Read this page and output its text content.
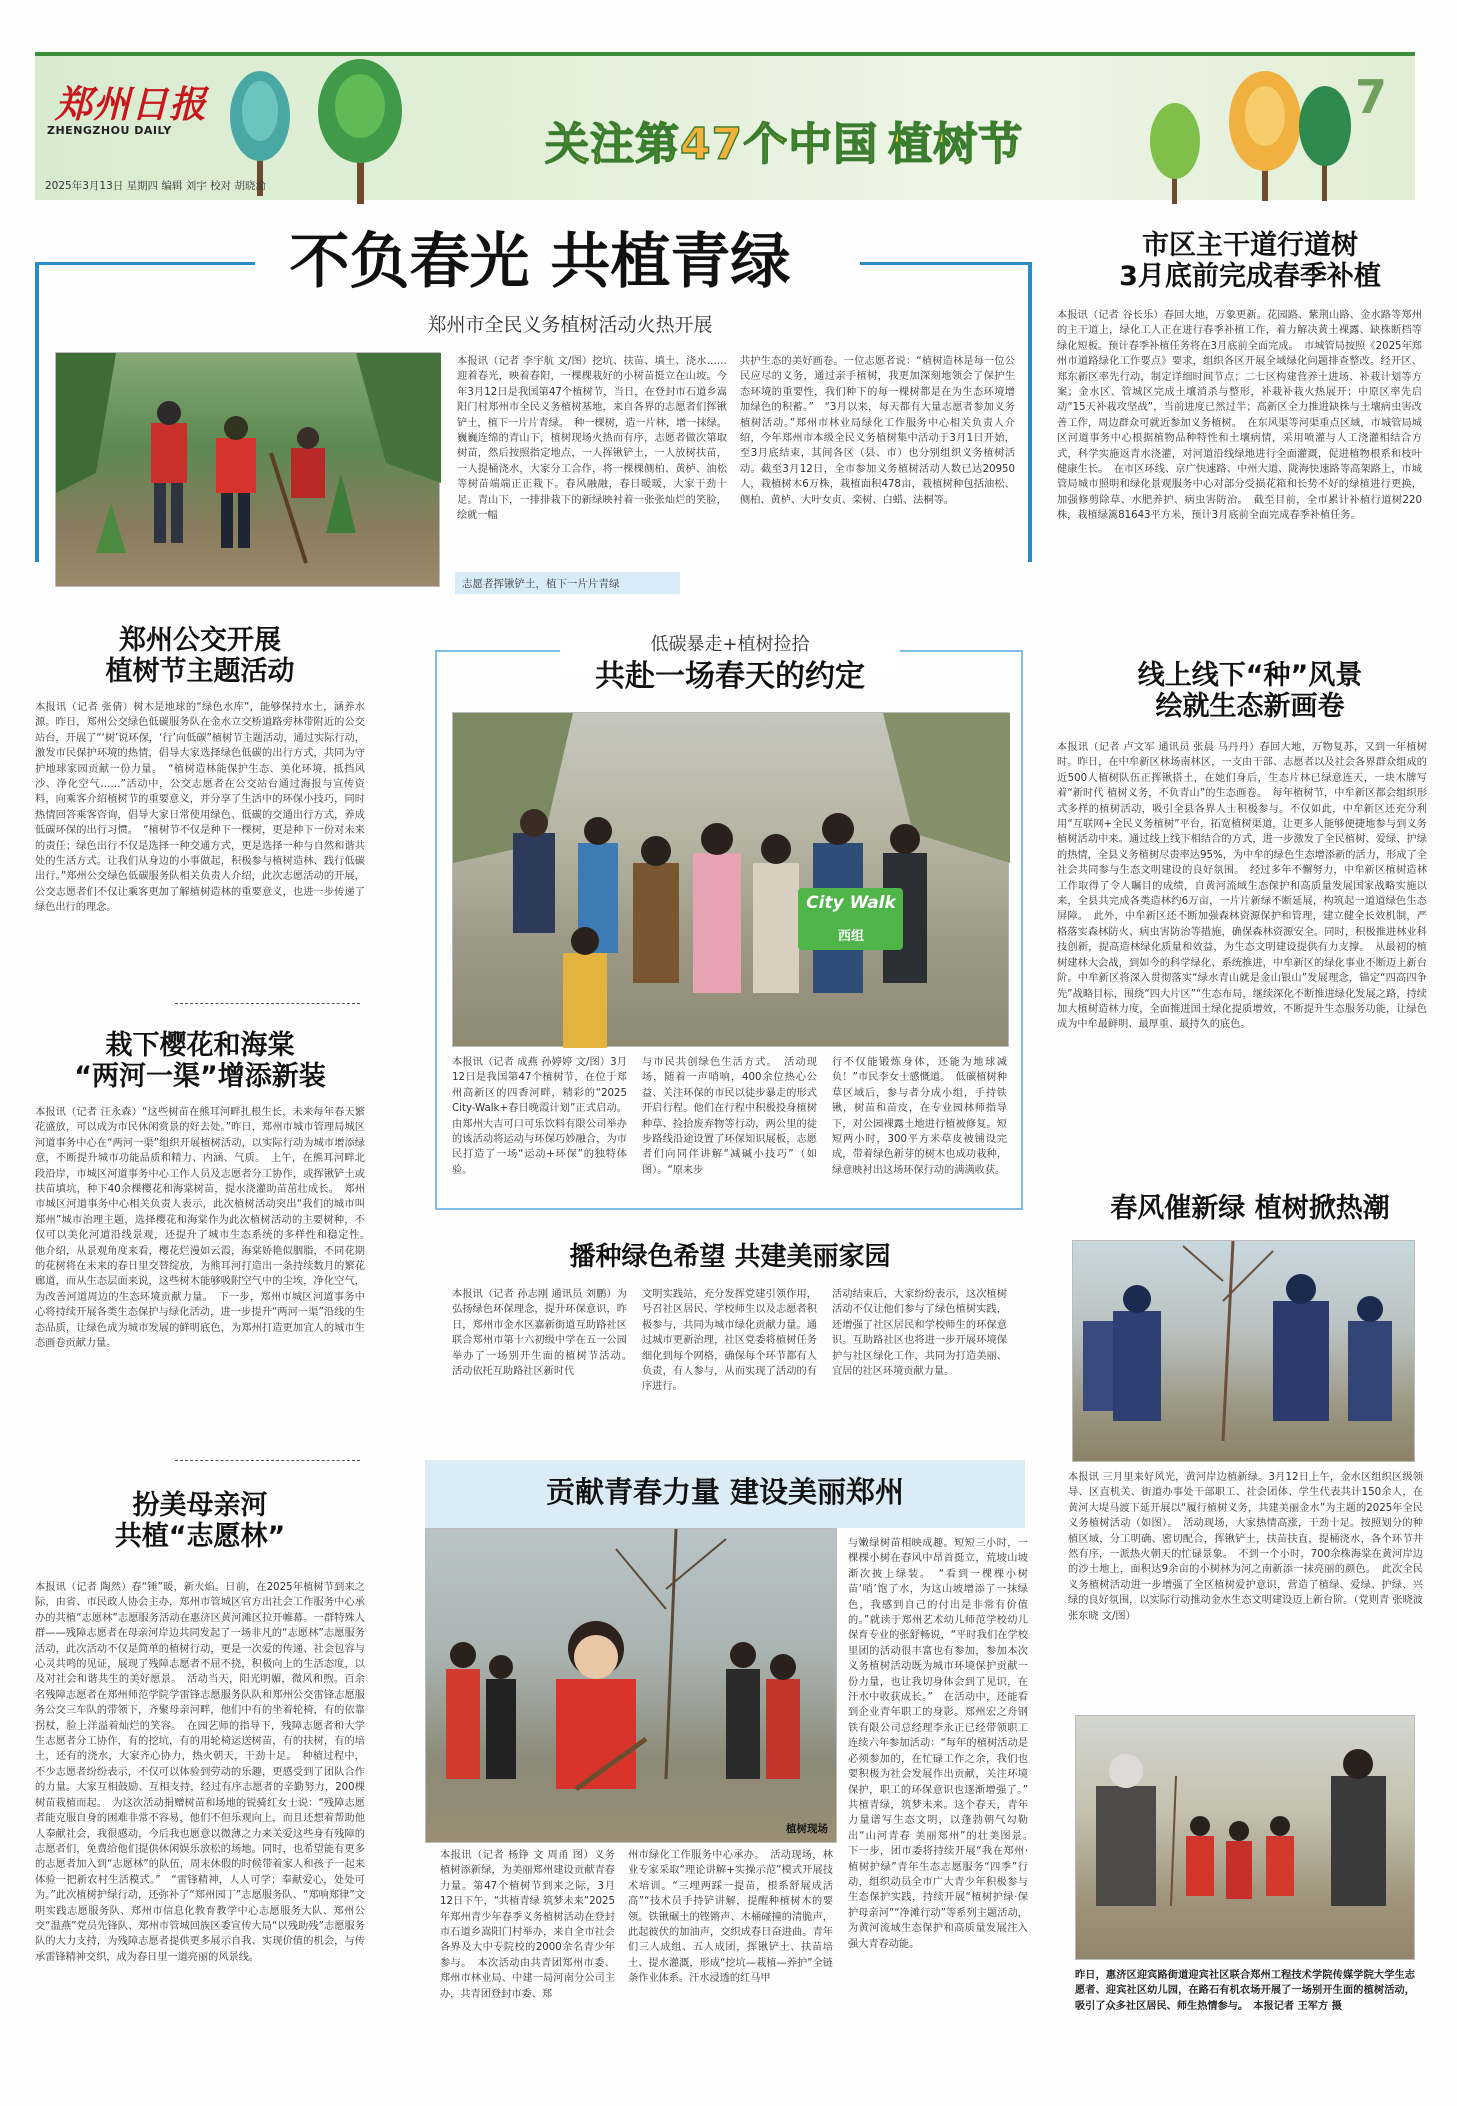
郑州日报
ZHENGZHOU DAILY
2025年3月13日 星期四 编辑 刘宇 校对 胡晓渝
关注第47个中国 植树节
7
不负春光 共植青绿
郑州市全民义务植树活动火热开展
志愿者挥锹铲土，植下一片片青绿
本报讯（记者 李宇航 文/图）挖坑、扶苗、填土、浇水……迎着春光，映着春阳，一棵棵栽好的小树苗挺立在山坡。今年3月12日是我国第47个植树节，当日，在登封市石道乡嵩阳门村郑州市全民义务植树基地，来自各界的志愿者们挥锹铲土，植下一片片青绿。　种一棵树，造一片林，增一抹绿。巍巍连绵的青山下，植树现场火热而有序，志愿者做次第取树苗，然后按照指定地点，一人挥锹铲土，一人放树扶苗，一人提桶浇水，大家分工合作，将一棵棵侧柏、黄栌、油松等树苗端端正正栽下。春风融融，春日暖暖，大家干劲十足。青山下，一排排栽下的新绿映衬着一张张灿烂的笑脸，绘就一幅
共护生态的美好画卷。一位志愿者说：“植树造林是每一位公民应尽的义务，通过亲手植树，我更加深刻地领会了保护生态环境的重要性，我们种下的每一棵树都是在为生态环境增加绿色的积蓄。”　“3月以来，每天都有大量志愿者参加义务植树活动。”郑州市林业局绿化工作服务中心相关负责人介绍，今年郑州市本级全民义务植树集中活动于3月1日开始，至3月底结束，其间各区（县、市）也分别组织义务植树活动。截至3月12日，全市参加义务植树活动人数已达20950人，栽植树木6万株，栽植面积478亩，栽植树种包括油松、侧柏、黄栌、大叶女贞、栾树、白蜡、法桐等。
市区主干道行道树
3月底前完成春季补植
本报讯（记者 谷长乐）春回大地，万象更新。花园路、紫荆山路、金水路等郑州的主干道上，绿化工人正在进行春季补植工作，着力解决黄土裸露、缺株断档等绿化短板。预计春季补植任务将在3月底前全面完成。　市城管局按照《2025年郑州市道路绿化工作要点》要求，组织各区开展全域绿化问题排查整改。经开区、郑东新区率先行动，制定详细时间节点；二七区构建营养土进场、补栽计划等方案；金水区、管城区完成土壤消杀与整形，补栽补栽火热展开；中原区率先启动“15天补栽攻坚战”，当前进度已然过半；高新区全力推进缺株与土壤病虫害改善工作，周边群众可就近参加义务植树。　在东风渠等河渠重点区域，市城管局城区河道事务中心根据植物品种特性和土壤病情，采用喷灌与人工浇灌相结合方式，科学实施返青水浇灌，对河道沿线绿地进行全面灌溉，促进植物根系和枝叶健康生长。　在市区环线、京广快速路、中州大道、陇海快速路等高架路上，市城管局城市照明和绿化景观服务中心对部分受损花箱和长势不好的绿植进行更换，加强修剪除草、水肥养护、病虫害防治。　截至目前，全市累计补植行道树220株，栽植绿篱81643平方米，预计3月底前全面完成春季补植任务。
郑州公交开展
植树节主题活动
本报讯（记者 张倩）树木是地球的“绿色水库”，能够保持水土，涵养水源。昨日，郑州公交绿色低碳服务队在金水立交桥道路旁林带附近的公交站台，开展了“‘树’说环保，‘行’向低碳”植树节主题活动，通过实际行动，激发市民保护环境的热情，倡导大家选择绿色低碳的出行方式，共同为守护地球家园贡献一份力量。　“植树造林能保护生态、美化环境，抵挡风沙、净化空气……”活动中，公交志愿者在公交站台通过海报与宣传资料，向乘客介绍植树节的重要意义，并分享了生活中的环保小技巧，同时热情回答乘客咨询，倡导大家日常使用绿色、低碳的交通出行方式，养成低碳环保的出行习惯。　“植树节不仅是种下一棵树，更是种下一份对未来的责任；绿色出行不仅是选择一种交通方式，更是选择一种与自然和谐共处的生活方式。让我们从身边的小事做起，积极参与植树造林、践行低碳出行。”郑州公交绿色低碳服务队相关负责人介绍，此次志愿活动的开展，公交志愿者们不仅让乘客更加了解植树造林的重要意义，也进一步传递了绿色出行的理念。
栽下樱花和海棠
“两河一渠”增添新装
本报讯（记者 汪永森）“这些树苗在熊耳河畔扎根生长，未来每年春天繁花盛放，可以成为市民休闲赏景的好去处。”昨日，郑州市城市管理局城区河道事务中心在“两河一渠”组织开展植树活动，以实际行动为城市增添绿意，不断提升城市功能品质和精力、内涵、气质。　上午，在熊耳河畔北段沿岸，市城区河道事务中心工作人员及志愿者分工协作，或挥锹铲土或扶苗填坑，种下40余棵樱花和海棠树苗，提水浇灌助苗茁壮成长。　郑州市城区河道事务中心相关负责人表示，此次植树活动突出“我们的城市叫郑州”城市治理主题，选择樱花和海棠作为此次植树活动的主要树种，不仅可以美化河道沿线景观，还提升了城市生态系统的多样性和稳定性。　他介绍，从景观角度来看，樱花烂漫如云霞，海棠娇艳似胭脂，不同花期的花树将在未来的春日里交替绽放，为熊耳河打造出一条持续数月的繁花廊道，而从生态层面来说，这些树木能够吸附空气中的尘埃，净化空气，为改善河道周边的生态环境贡献力量。　下一步，郑州市城区河道事务中心将持续开展各类生态保护与绿化活动，进一步提升“两河一渠”沿线的生态品质，让绿色成为城市发展的鲜明底色，为郑州打造更加宜人的城市生态画卷贡献力量。
扮美母亲河
共植“志愿林”
本报讯（记者 陶然）春“锤”暖，新火焰。日前，在2025年植树节到来之际，由省、市民政人协会主办，郑州市管城区官方出社会工作服务中心承办的共植“志愿林”志愿服务活动在惠济区黄河滩区拉开帷幕。一群特殊人群——残障志愿者在母亲河岸边共同发起了一场非凡的“志愿林”志愿服务活动，此次活动不仅是简单的植树行动，更是一次爱的传递、社会包容与心灵共鸣的见证，展现了残障志愿者不屈不挠，积极向上的生活态度，以及对社会和谐共生的美好愿景。　活动当天，阳光明媚，微风和煦。百余名残障志愿者在郑州师范学院学雷锋志愿服务队队和郑州公交雷锋志愿服务公交三车队的带领下，齐聚母亲河畔，他们中有的坐着轮椅，有的依靠拐杖，脸上洋溢着灿烂的笑容。　在园艺师的指导下，残障志愿者和大学生志愿者分工协作，有的挖坑，有的用轮椅运送树苗，有的扶树，有的培土，还有的浇水，大家齐心协力，热火朝天，干劲十足。　种植过程中，不少志愿者纷纷表示，不仅可以体验到劳动的乐趣，更感受到了团队合作的力量。大家互相鼓励、互相支持，经过有序志愿者的辛勤努力，200棵树苗栽植而起。　为这次活动捐赠树苗和场地的锐骑红女士说：“残障志愿者能克服自身的困难非常不容易，他们不但乐观向上，而且还想着帮助他人奉献社会，我很感动，今后我也愿意以微薄之力来关爱这些身有残障的志愿者们，免费给他们提供休闲娱乐放松的场地。同时，也希望能有更多的志愿者加入到“志愿林”的队伍，周末休假的时候带着家人和孩子一起来体验一把新农村生活模式。”　“雷锋精神，人人可学；奉献爱心，处处可为。”此次植树护绿行动，还弥补了“郑州园丁”志愿服务队、“郑响郑律”文明实践志愿服务队、郑州市信息化教育教学中心志愿服务大队、郑州公交“温燕”党员先锋队、郑州市管城回族区委宣传大局“以残助残”志愿服务队的大力支持，为残障志愿者提供更多展示自我、实现价值的机会，与传承雷锋精神交织，成为春日里一道亮丽的风景线。
低碳暴走+植树捡拾
共赴一场春天的约定
City Walk
西组
本报讯（记者 成燕 孙婷婷 文/图）3月12日是我国第47个植树节，在位于郑州高新区的四香河畔，精彩的“2025 City-Walk+春日晚霞计划”正式启动。由郑州大吉可口可乐饮料有限公司举办的该活动将运动与环保巧妙融合，为市民打造了一场“运动+环保”的独特体验。
与市民共创绿色生活方式。　活动现场，随着一声哨响，400余位热心公益、关注环保的市民以徒步暴走的形式开启行程。他们在行程中积极投身植树种草、捡拾废弃物等行动，两公里的徒步路线沿途设置了环保知识展板，志愿者们向同伴讲解“减碱小技巧”（如图）。“原来步
行不仅能锻炼身体，还能为地球减负！”市民李女士感慨道。　低碳植树种草区域后，参与者分成小组，手持铁锹，树苗和苗皮，在专业园林师指导下，对公园裸露土地进行植被修复。短短两小时，300平方米草皮被铺设完成，带着绿色新芽的树木也成功栽种，绿意映衬出这场环保行动的满满收获。
播种绿色希望 共建美丽家园
本报讯（记者 孙志刚 通讯员 刘鹏）为弘扬绿色环保理念，提升环保意识，昨日，郑州市金水区嘉新街道互助路社区联合郑州市第十六初级中学在五一公园举办了一场别开生面的植树节活动。　活动依托互助路社区新时代
文明实践站，充分发挥党建引领作用，号召社区居民、学校师生以及志愿者积极参与，共同为城市绿化贡献力量。通过城市更新治理，社区党委将植树任务细化到每个网格，确保每个环节都有人负责，有人参与，从而实现了活动的有序进行。
活动结束后，大家纷纷表示，这次植树活动不仅让他们参与了绿色植树实践，还增强了社区居民和学校师生的环保意识。互助路社区也将进一步开展环境保护与社区绿化工作，共同为打造美丽、宜居的社区环境贡献力量。
贡献青春力量 建设美丽郑州
植树现场
本报讯（记者 杨铮 文 周甬 图）义务植树添新绿，为美丽郑州建设贡献青春力量。第47个植树节到来之际，3月12日下午，“共植青绿 筑梦未来”2025年郑州青少年春季义务植树活动在登封市石道乡嵩阳门村举办，来自全市社会各界及大中专院校的2000余名青少年参与。　本次活动由共青团郑州市委、郑州市林业局、中建一局河南分公司主办，共青团登封市委、郑
州市绿化工作服务中心承办。　活动现场，林业专家采取“理论讲解+实操示范”模式开展技术培训。“三埋两踩一提苗，根系舒展成活高”“技术员手持铲讲解，提醒种植树木的要领。铁锹碾土的铿锵声、木桶碰撞的清脆声，此起彼伏的加油声，交织成春日奋进曲。青年们三人成组、五人成团，挥锹铲土、扶苗培土、提水灌溉，形成“挖坑—栽植—养护”全链条作业体系。汗水浸透的红马甲
与嫩绿树苗相映成趣。短短三小时，一棵棵小树在春风中昂首挺立，荒坡山坡渐次披上绿装。　“看到一棵棵小树苗‘哨’饱了水，为这山坡增添了一抹绿色，我感到自己的付出是非常有价值的。”就读于郑州艺术幼儿师范学校幼儿保育专业的张舒畅说，“平时我们在学校里团的活动很丰富也有参加，参加本次义务植树活动既为城市环境保护贡献一份力量，也让我切身体会到了见识，在汗水中收获成长。”　在活动中，还能看到企业青年职工的身影。郑州宏之舟钢铁有限公司总经理李永正已经带领职工连续六年参加活动：“每年的植树活动是必须参加的，在忙碌工作之余，我们也要积极为社会发展作出贡献，关注环境保护，职工的环保意识也逐渐增强了。”　共植青绿，筑梦未来。这个春天，青年力量谱写生态文明，以蓬勃朝气勾勒出“山河青春 美丽郑州”的壮美图景。　下一步，团市委将持续开展“我在郑州·植树护绿”青年生态志愿服务“四季”行动，组织动员全市广大青少年积极参与生态保护实践，持续开展“植树护绿·保护母亲河”“净滩行动”等系列主题活动，为黄河流域生态保护和高质量发展注入强大青春动能。
线上线下“种”风景
绘就生态新画卷
本报讯（记者 卢文军 通讯员 张晨 马丹丹）春回大地，万物复苏，又到一年植树时。昨日，在中牟新区林场南林区，一支由干部、志愿者以及社会各界群众组成的近500人植树队伍正挥锹搭土，在她们身后，生态片林已绿意连天，一块木牌写着“新时代 植树义务，不负青山”的生态画卷。　每年植树节，中牟新区都会组织形式多样的植树活动，吸引全县各界人士积极参与。不仅如此，中牟新区还充分利用“互联网+全民义务植树”平台，拓宽植树渠道，让更多人能够便捷地参与到义务植树活动中来。通过线上线下相结合的方式，进一步激发了全民植树、爱绿、护绿的热情，全县义务植树尽责率达95%，为中牟的绿色生态增添新的活力，形成了全社会共同参与生态文明建设的良好氛围。　经过多年不懈努力，中牟新区植树造林工作取得了令人瞩目的成绩，自黄河流域生态保护和高质量发展国家战略实施以来，全县共完成各类造林约6万亩，一片片新绿不断延展，构筑起一道道绿色生态屏障。　此外，中牟新区还不断加强森林资源保护和管理，建立健全长效机制，严格落实森林防火、病虫害防治等措施，确保森林资源安全。同时，积极推进林业科技创新，提高造林绿化质量和效益，为生态文明建设提供有力支撑。　从最初的植树建林大会战，到如今的科学绿化、系统推进，中牟新区的绿化事业不断迈上新台阶。中牟新区将深入贯彻落实“绿水青山就是金山银山”发展理念，锚定“四高四争先”战略目标，围绕“四大片区”“生态布局，继续深化不断推进绿化发展之路，持续加大植树造林力度，全面推进国土绿化提质增效，不断提升生态服务功能，让绿色成为中牟最鲜明、最厚重、最持久的底色。
春风催新绿 植树掀热潮
本报讯 三月里来好风光，黄河岸边植新绿。3月12日上午，金水区组织区级领导、区直机关、街道办事处干部职工、社会团体、学生代表共计150余人，在黄河大堤马渡下延开展以“履行植树义务，共建美丽金水”为主题的2025年全民义务植树活动（如图）。　活动现场，大家热情高涨，干劲十足。按照划分的种植区域，分工明确、密切配合，挥锹铲土，扶苗扶直，提桶浇水，各个环节井然有序，一派热火朝天的忙碌景象。　不到一个小时，700余株海棠在黄河岸边的沙土地上，面积达9余亩的小树林为河之南新添一抹亮丽的颜色。　此次全民义务植树活动进一步增强了全区植树爱护意识，营造了植绿、爱绿、护绿、兴绿的良好氛围，以实际行动推动金水生态文明建设迈上新台阶。（党则青 张晓波 张东晓 文/图）
昨日，惠济区迎宾路街道迎宾社区联合郑州工程技术学院传媒学院大学生志愿者、迎宾社区幼儿园，在路石有机农场开展了一场别开生面的植树活动，吸引了众多社区居民、师生热情参与。　本报记者 王军方 摄
